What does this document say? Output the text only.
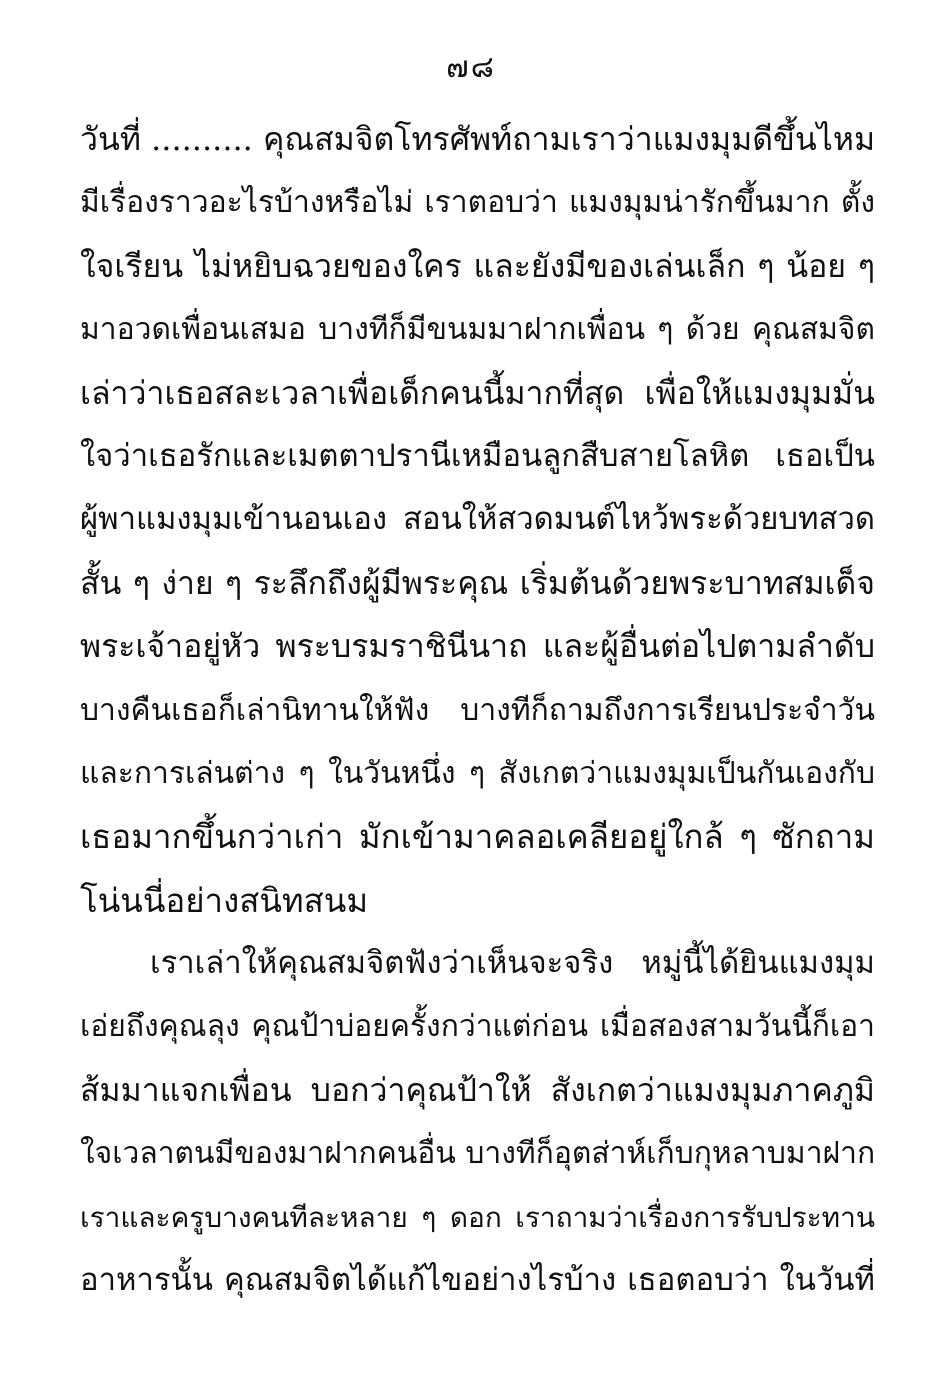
๗๘
วันที่ .......... คุณสมจิตโทรศัพท์ถามเราว่าแมงมุมดีขึ้นไหม
มีเรื่องราวอะไรบ้างหรือไม่ เราตอบว่า แมงมุมน่ารักขึ้นมาก ตั้ง
ใจเรียน ไม่หยิบฉวยของใคร และยังมีของเล่นเล็ก ๆ น้อย ๆ
มาอวดเพื่อนเสมอ บางทีก็มีขนมมาฝากเพื่อน ๆ ด้วย คุณสมจิต
เล่าว่าเธอสละเวลาเพื่อเด็กคนนี้มากที่สุด เพื่อให้แมงมุมมั่น
ใจว่าเธอรักและเมตตาปรานีเหมือนลูกสืบสายโลหิต เธอเป็น
ผู้พาแมงมุมเข้านอนเอง สอนให้สวดมนต์ไหว้พระด้วยบทสวด
สั้น ๆ ง่าย ๆ ระลึกถึงผู้มีพระคุณ เริ่มต้นด้วยพระบาทสมเด็จ
พระเจ้าอยู่หัว พระบรมราชินีนาถ และผู้อื่นต่อไปตามลำดับ
บางคืนเธอก็เล่านิทานให้ฟัง บางทีก็ถามถึงการเรียนประจำวัน
และการเล่นต่าง ๆ ในวันหนึ่ง ๆ สังเกตว่าแมงมุมเป็นกันเองกับ
เธอมากขึ้นกว่าเก่า มักเข้ามาคลอเคลียอยู่ใกล้ ๆ ซักถาม
โน่นนี่อย่างสนิทสนม
เราเล่าให้คุณสมจิตฟังว่าเห็นจะจริง หมู่นี้ได้ยินแมงมุม
เอ่ยถึงคุณลุง คุณป้าบ่อยครั้งกว่าแต่ก่อน เมื่อสองสามวันนี้ก็เอา
ส้มมาแจกเพื่อน บอกว่าคุณป้าให้ สังเกตว่าแมงมุมภาคภูมิ
ใจเวลาตนมีของมาฝากคนอื่น บางทีก็อุตส่าห์เก็บกุหลาบมาฝาก
เราและครูบางคนทีละหลาย ๆ ดอก เราถามว่าเรื่องการรับประทาน
อาหารนั้น คุณสมจิตได้แก้ไขอย่างไรบ้าง เธอตอบว่า ในวันที่
